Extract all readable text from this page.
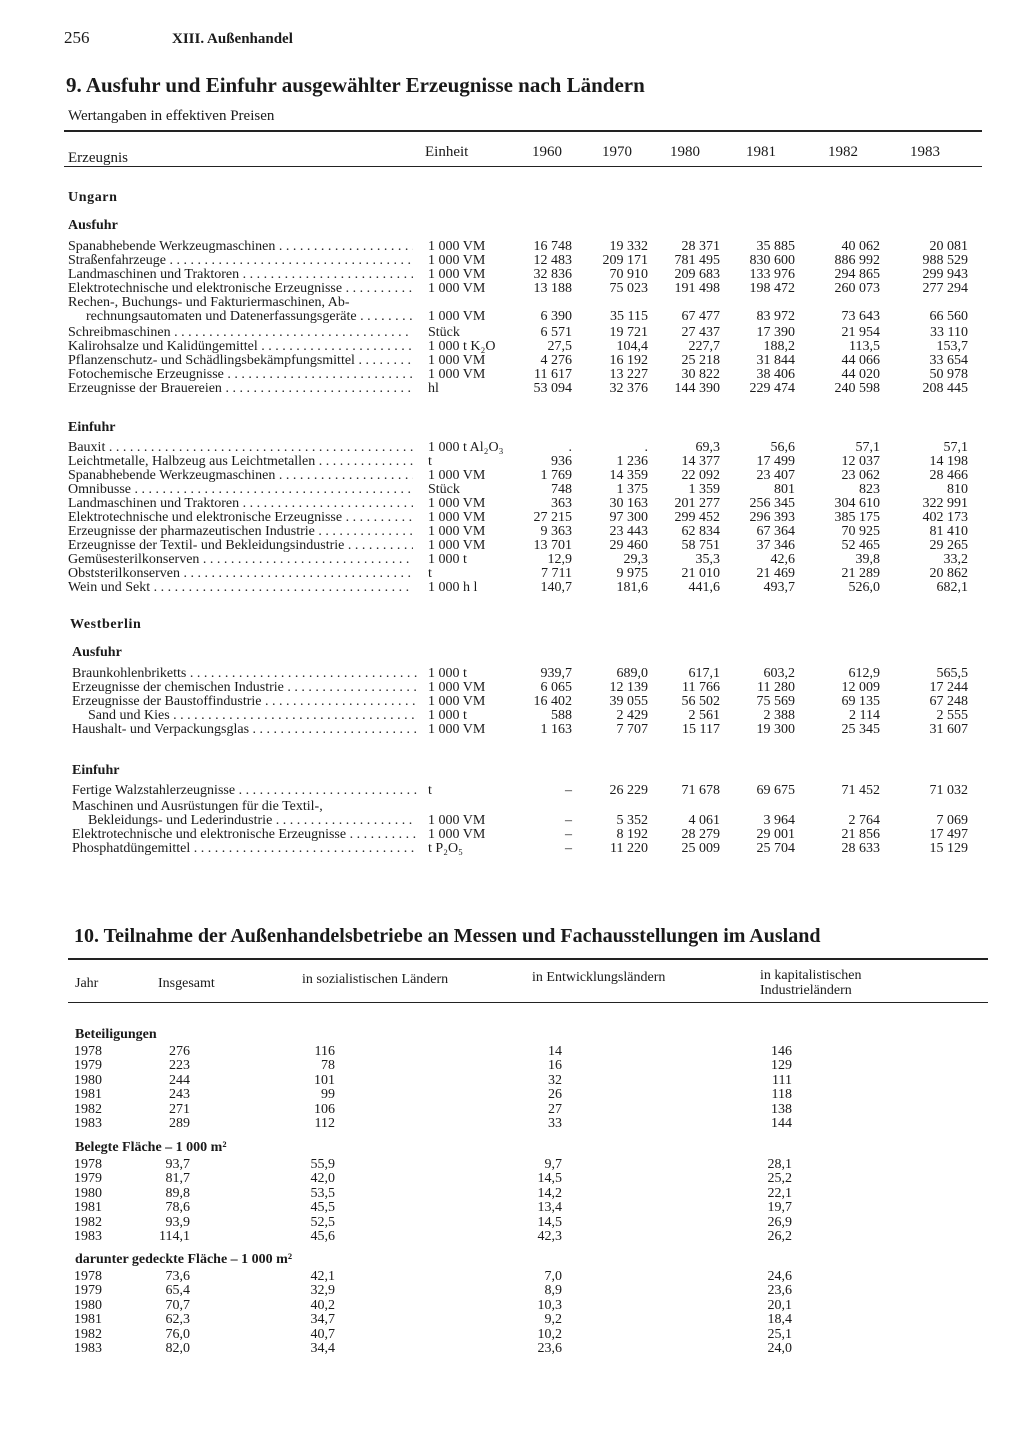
256	XIII. Außenhandel
9. Ausfuhr und Einfuhr ausgewählter Erzeugnisse nach Ländern
Wertangaben in effektiven Preisen
Erzeugnis	Einheit	1960	1970	1980	1981	1982	1983
Ungarn
Ausfuhr
Spanabhebende Werkzeugmaschinen . . .	1 000 VM	16 748	19 332	28 371	35 885	40 062	20 081
Straßenfahrzeuge . . .	1 000 VM	12 483	209 171	781 495	830 600	886 992	988 529
Landmaschinen und Traktoren . . .	1 000 VM	32 836	70 910	209 683	133 976	294 865	299 943
Elektrotechnische und elektronische Erzeugnisse . . .	1 000 VM	13 188	75 023	191 498	198 472	260 073	277 294
Rechen-, Buchungs- und Fakturiermaschinen, Ab-
rechnungsautomaten und Datenerfassungsgeräte . . .	1 000 VM	6 390	35 115	67 477	83 972	73 643	66 560
Schreibmaschinen . . .	Stück	6 571	19 721	27 437	17 390	21 954	33 110
Kalirohsalze und Kalidüngemittel . . .	1 000 t K₂O	27,5	104,4	227,7	188,2	113,5	153,7
Pflanzenschutz- und Schädlingsbekämpfungsmittel . . .	1 000 VM	4 276	16 192	25 218	31 844	44 066	33 654
Fotochemische Erzeugnisse . . .	1 000 VM	11 617	13 227	30 822	38 406	44 020	50 978
Erzeugnisse der Brauereien . . .	hl	53 094	32 376	144 390	229 474	240 598	208 445
Einfuhr
Bauxit . . .	1 000 t Al₂O₃	.	.	69,3	56,6	57,1	57,1
Leichtmetalle, Halbzeug aus Leichtmetallen . . .	t	936	1 236	14 377	17 499	12 037	14 198
Spanabhebende Werkzeugmaschinen . . .	1 000 VM	1 769	14 359	22 092	23 407	23 062	28 466
Omnibusse . . .	Stück	748	1 375	1 359	801	823	810
Landmaschinen und Traktoren . . .	1 000 VM	363	30 163	201 277	256 345	304 610	322 991
Elektrotechnische und elektronische Erzeugnisse . . .	1 000 VM	27 215	97 300	299 452	296 393	385 175	402 173
Erzeugnisse der pharmazeutischen Industrie . . .	1 000 VM	9 363	23 443	62 834	67 364	70 925	81 410
Erzeugnisse der Textil- und Bekleidungsindustrie . . .	1 000 VM	13 701	29 460	58 751	37 346	52 465	29 265
Gemüsesterilkonserven . . .	1 000 t	12,9	29,3	35,3	42,6	39,8	33,2
Obststerilkonserven . . .	t	7 711	9 975	21 010	21 469	21 289	20 862
Wein und Sekt . . .	1 000 h l	140,7	181,6	441,6	493,7	526,0	682,1
Westberlin
Ausfuhr
Braunkohlenbriketts . . .	1 000 t	939,7	689,0	617,1	603,2	612,9	565,5
Erzeugnisse der chemischen Industrie . . .	1 000 VM	6 065	12 139	11 766	11 280	12 009	17 244
Erzeugnisse der Baustoffindustrie . . .	1 000 VM	16 402	39 055	56 502	75 569	69 135	67 248
Sand und Kies . . .	1 000 t	588	2 429	2 561	2 388	2 114	2 555
Haushalt- und Verpackungsglas . . .	1 000 VM	1 163	7 707	15 117	19 300	25 345	31 607
Einfuhr
Fertige Walzstahlerzeugnisse . . .	t	–	26 229	71 678	69 675	71 452	71 032
Maschinen und Ausrüstungen für die Textil-,
Bekleidungs- und Lederindustrie . . .	1 000 VM	–	5 352	4 061	3 964	2 764	7 069
Elektrotechnische und elektronische Erzeugnisse . . .	1 000 VM	–	8 192	28 279	29 001	21 856	17 497
Phosphatdüngemittel . . .	t P₂O₅	–	11 220	25 009	25 704	28 633	15 129
10. Teilnahme der Außenhandelsbetriebe an Messen und Fachausstellungen im Ausland
Jahr	Insgesamt	in sozialistischen Ländern	in Entwicklungsländern	in kapitalistischen Industrieländern
Beteiligungen
1978	276	116	14	146
1979	223	78	16	129
1980	244	101	32	111
1981	243	99	26	118
1982	271	106	27	138
1983	289	112	33	144
Belegte Fläche – 1 000 m²
1978	93,7	55,9	9,7	28,1
1979	81,7	42,0	14,5	25,2
1980	89,8	53,5	14,2	22,1
1981	78,6	45,5	13,4	19,7
1982	93,9	52,5	14,5	26,9
1983	114,1	45,6	42,3	26,2
darunter gedeckte Fläche – 1 000 m²
1978	73,6	42,1	7,0	24,6
1979	65,4	32,9	8,9	23,6
1980	70,7	40,2	10,3	20,1
1981	62,3	34,7	9,2	18,4
1982	76,0	40,7	10,2	25,1
1983	82,0	34,4	23,6	24,0
